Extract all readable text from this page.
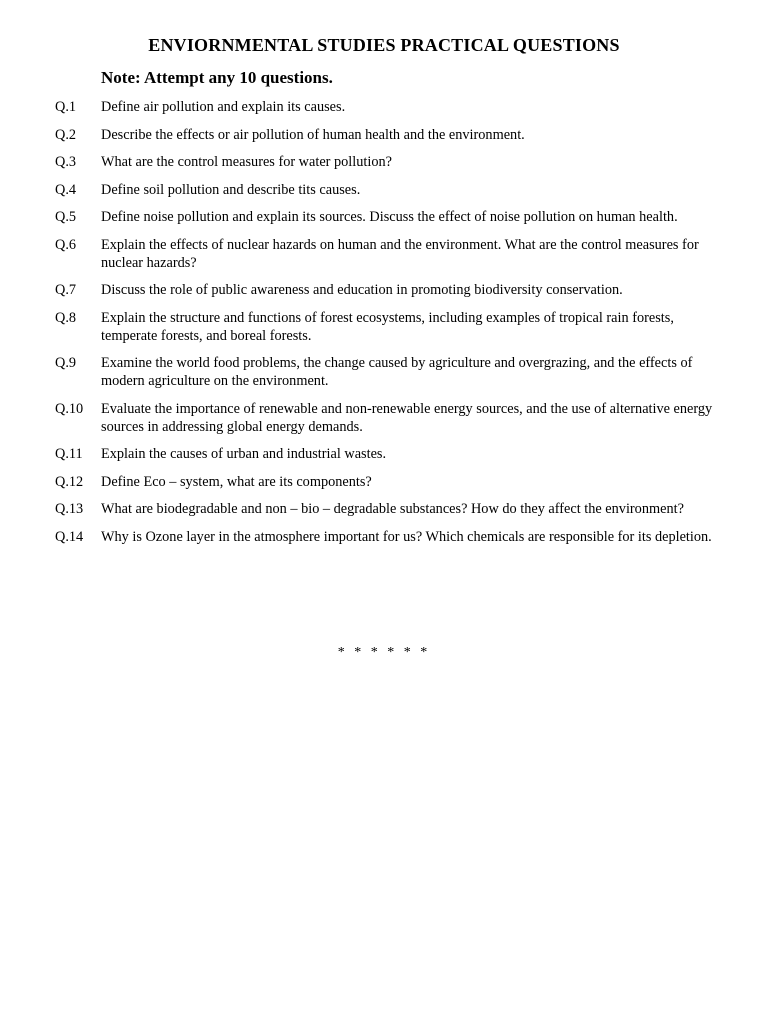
ENVIORNMENTAL STUDIES PRACTICAL QUESTIONS
Note: Attempt any 10 questions.
Q.1	Define air pollution and explain its causes.
Q.2	Describe the effects or air pollution of human health and the environment.
Q.3	What are the control measures for water pollution?
Q.4	Define soil pollution and describe tits causes.
Q.5	Define noise pollution and explain its sources. Discuss the effect of noise pollution on human health.
Q.6	Explain the effects of nuclear hazards on human and the environment. What are the control measures for nuclear hazards?
Q.7	Discuss the role of public awareness and education in promoting biodiversity conservation.
Q.8	Explain the structure and functions of forest ecosystems, including examples of tropical rain forests, temperate forests, and boreal forests.
Q.9	Examine the world food problems, the change caused by agriculture and overgrazing, and the effects of modern agriculture on the environment.
Q.10	Evaluate the importance of renewable and non-renewable energy sources, and the use of alternative energy sources in addressing global energy demands.
Q.11	Explain the causes of urban and industrial wastes.
Q.12	Define Eco – system, what are its components?
Q.13	What are biodegradable and non – bio – degradable substances? How do they affect the environment?
Q.14	Why is Ozone layer in the atmosphere important for us? Which chemicals are responsible for its depletion.
* * * * * *
